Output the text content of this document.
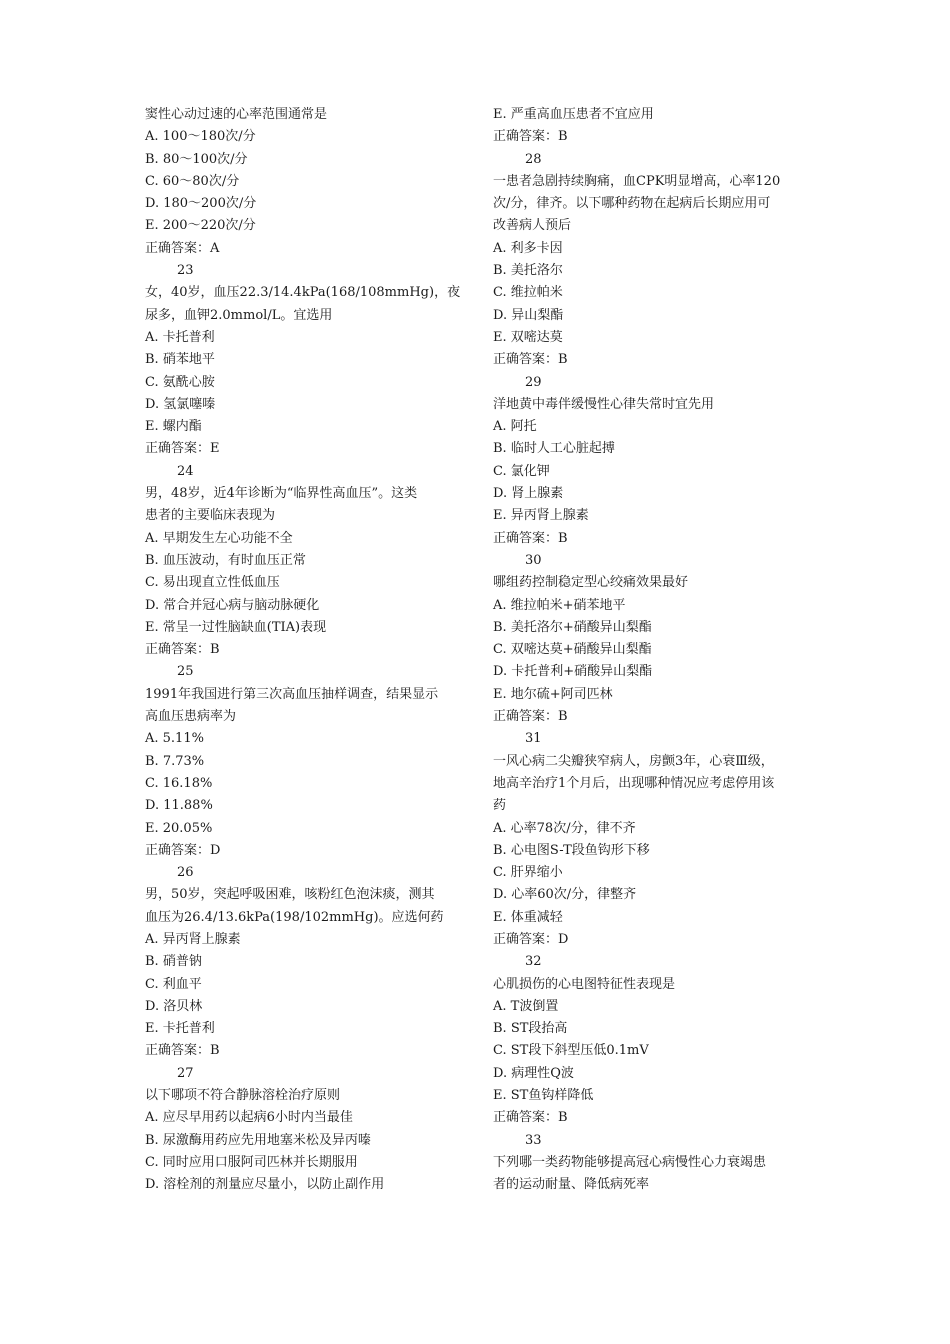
窦性心动过速的心率范围通常是
A. 100～180次/分
B. 80～100次/分
C. 60～80次/分
D. 180～200次/分
E. 200～220次/分
正确答案：A
23
女，40岁，血压22.3/14.4kPa(168/108mmHg)，夜
尿多，血钾2.0mmol/L。宜选用
A. 卡托普利
B. 硝苯地平
C. 氨酰心胺
D. 氢氯噻嗪
E. 螺内酯
正确答案：E
24
男，48岁，近4年诊断为“临界性高血压”。这类
患者的主要临床表现为
A. 早期发生左心功能不全
B. 血压波动，有时血压正常
C. 易出现直立性低血压
D. 常合并冠心病与脑动脉硬化
E. 常呈一过性脑缺血(TIA)表现
正确答案：B
25
1991年我国进行第三次高血压抽样调查，结果显示
高血压患病率为
A. 5.11%
B. 7.73%
C. 16.18%
D. 11.88%
E. 20.05%
正确答案：D
26
男，50岁，突起呼吸困难，咳粉红色泡沫痰，测其
血压为26.4/13.6kPa(198/102mmHg)。应选何药
A. 异丙肾上腺素
B. 硝普钠
C. 利血平
D. 洛贝林
E. 卡托普利
正确答案：B
27
以下哪项不符合静脉溶栓治疗原则
A. 应尽早用药以起病6小时内当最佳
B. 尿激酶用药应先用地塞米松及异丙嗪
C. 同时应用口服阿司匹林并长期服用
D. 溶栓剂的剂量应尽量小，以防止副作用
E. 严重高血压患者不宜应用
正确答案：B
28
一患者急剧持续胸痛，血CPK明显增高，心率120
次/分，律齐。以下哪种药物在起病后长期应用可
改善病人预后
A. 利多卡因
B. 美托洛尔
C. 维拉帕米
D. 异山梨酯
E. 双嘧达莫
正确答案：B
29
洋地黄中毒伴缓慢性心律失常时宜先用
A. 阿托
B. 临时人工心脏起搏
C. 氯化钾
D. 肾上腺素
E. 异丙肾上腺素
正确答案：B
30
哪组药控制稳定型心绞痛效果最好
A. 维拉帕米+硝苯地平
B. 美托洛尔+硝酸异山梨酯
C. 双嘧达莫+硝酸异山梨酯
D. 卡托普利+硝酸异山梨酯
E. 地尔硫+阿司匹林
正确答案：B
31
一风心病二尖瓣狭窄病人，房颤3年，心衰Ⅲ级，
地高辛治疗1个月后，出现哪种情况应考虑停用该
药
A. 心率78次/分，律不齐
B. 心电图S-T段鱼钩形下移
C. 肝界缩小
D. 心率60次/分，律整齐
E. 体重减轻
正确答案：D
32
心肌损伤的心电图特征性表现是
A. T波倒置
B. ST段抬高
C. ST段下斜型压低0.1mV
D. 病理性Q波
E. ST鱼钩样降低
正确答案：B
33
下列哪一类药物能够提高冠心病慢性心力衰竭患
者的运动耐量、降低病死率
